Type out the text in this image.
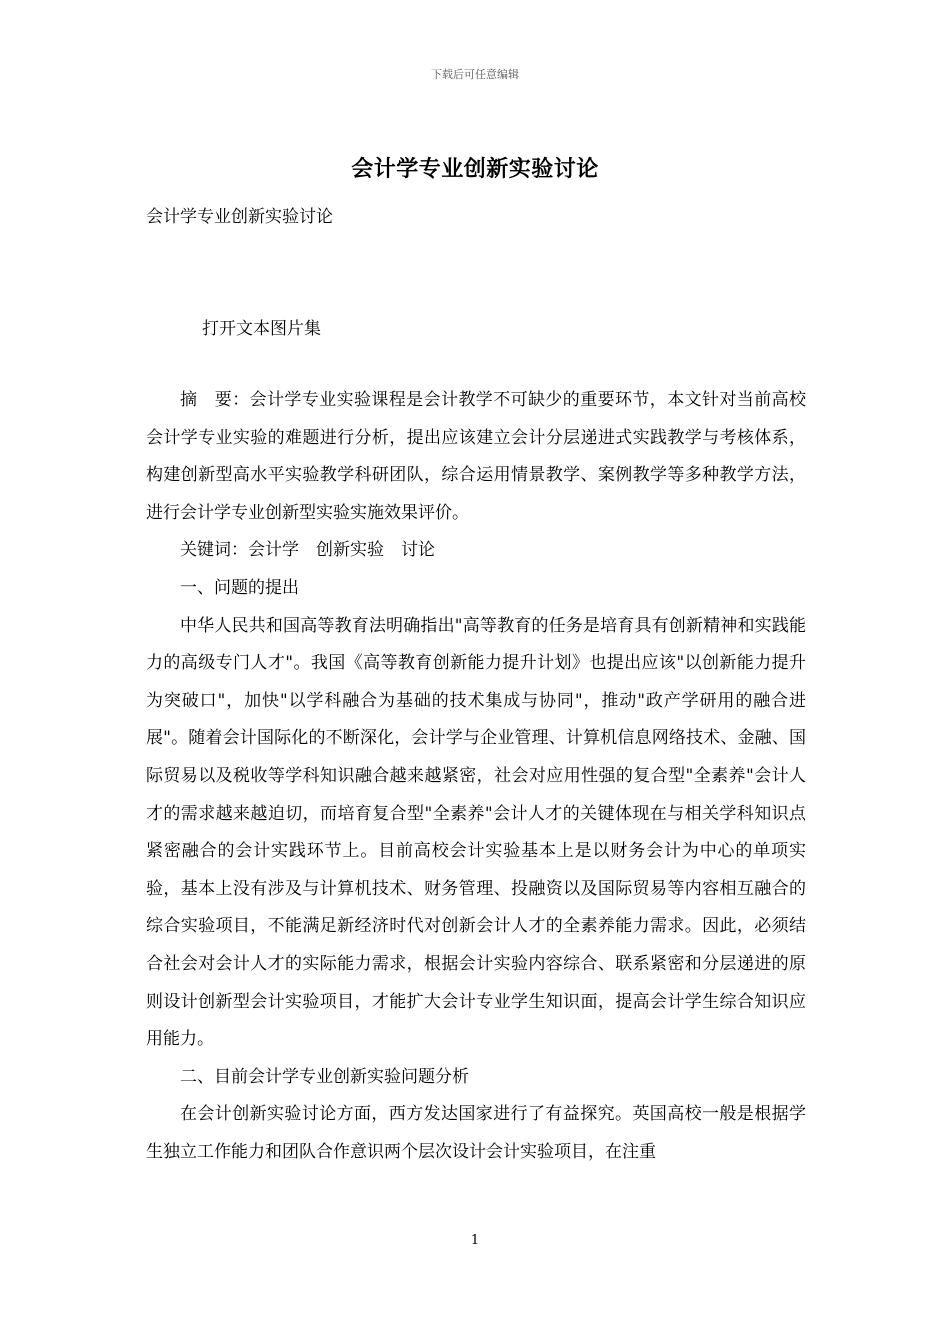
下载后可任意编辑
会计学专业创新实验讨论
会计学专业创新实验讨论
打开文本图片集

摘　要：会计学专业实验课程是会计教学不可缺少的重要环节，本文针对当前高校会计学专业实验的难题进行分析，提出应该建立会计分层递进式实践教学与考核体系，构建创新型高水平实验教学科研团队，综合运用情景教学、案例教学等多种教学方法，进行会计学专业创新型实验实施效果评价。

关键词：会计学　创新实验　讨论

一、问题的提出

中华人民共和国高等教育法明确指出"高等教育的任务是培育具有创新精神和实践能力的高级专门人才"。我国《高等教育创新能力提升计划》也提出应该"以创新能力提升为突破口"，加快"以学科融合为基础的技术集成与协同"，推动"政产学研用的融合进展"。随着会计国际化的不断深化，会计学与企业管理、计算机信息网络技术、金融、国际贸易以及税收等学科知识融合越来越紧密，社会对应用性强的复合型"全素养"会计人才的需求越来越迫切，而培育复合型"全素养"会计人才的关键体现在与相关学科知识点紧密融合的会计实践环节上。目前高校会计实验基本上是以财务会计为中心的单项实验，基本上没有涉及与计算机技术、财务管理、投融资以及国际贸易等内容相互融合的综合实验项目，不能满足新经济时代对创新会计人才的全素养能力需求。因此，必须结合社会对会计人才的实际能力需求，根据会计实验内容综合、联系紧密和分层递进的原则设计创新型会计实验项目，才能扩大会计专业学生知识面，提高会计学生综合知识应用能力。

二、目前会计学专业创新实验问题分析

在会计创新实验讨论方面，西方发达国家进行了有益探究。英国高校一般是根据学生独立工作能力和团队合作意识两个层次设计会计实验项目，在注重

1
